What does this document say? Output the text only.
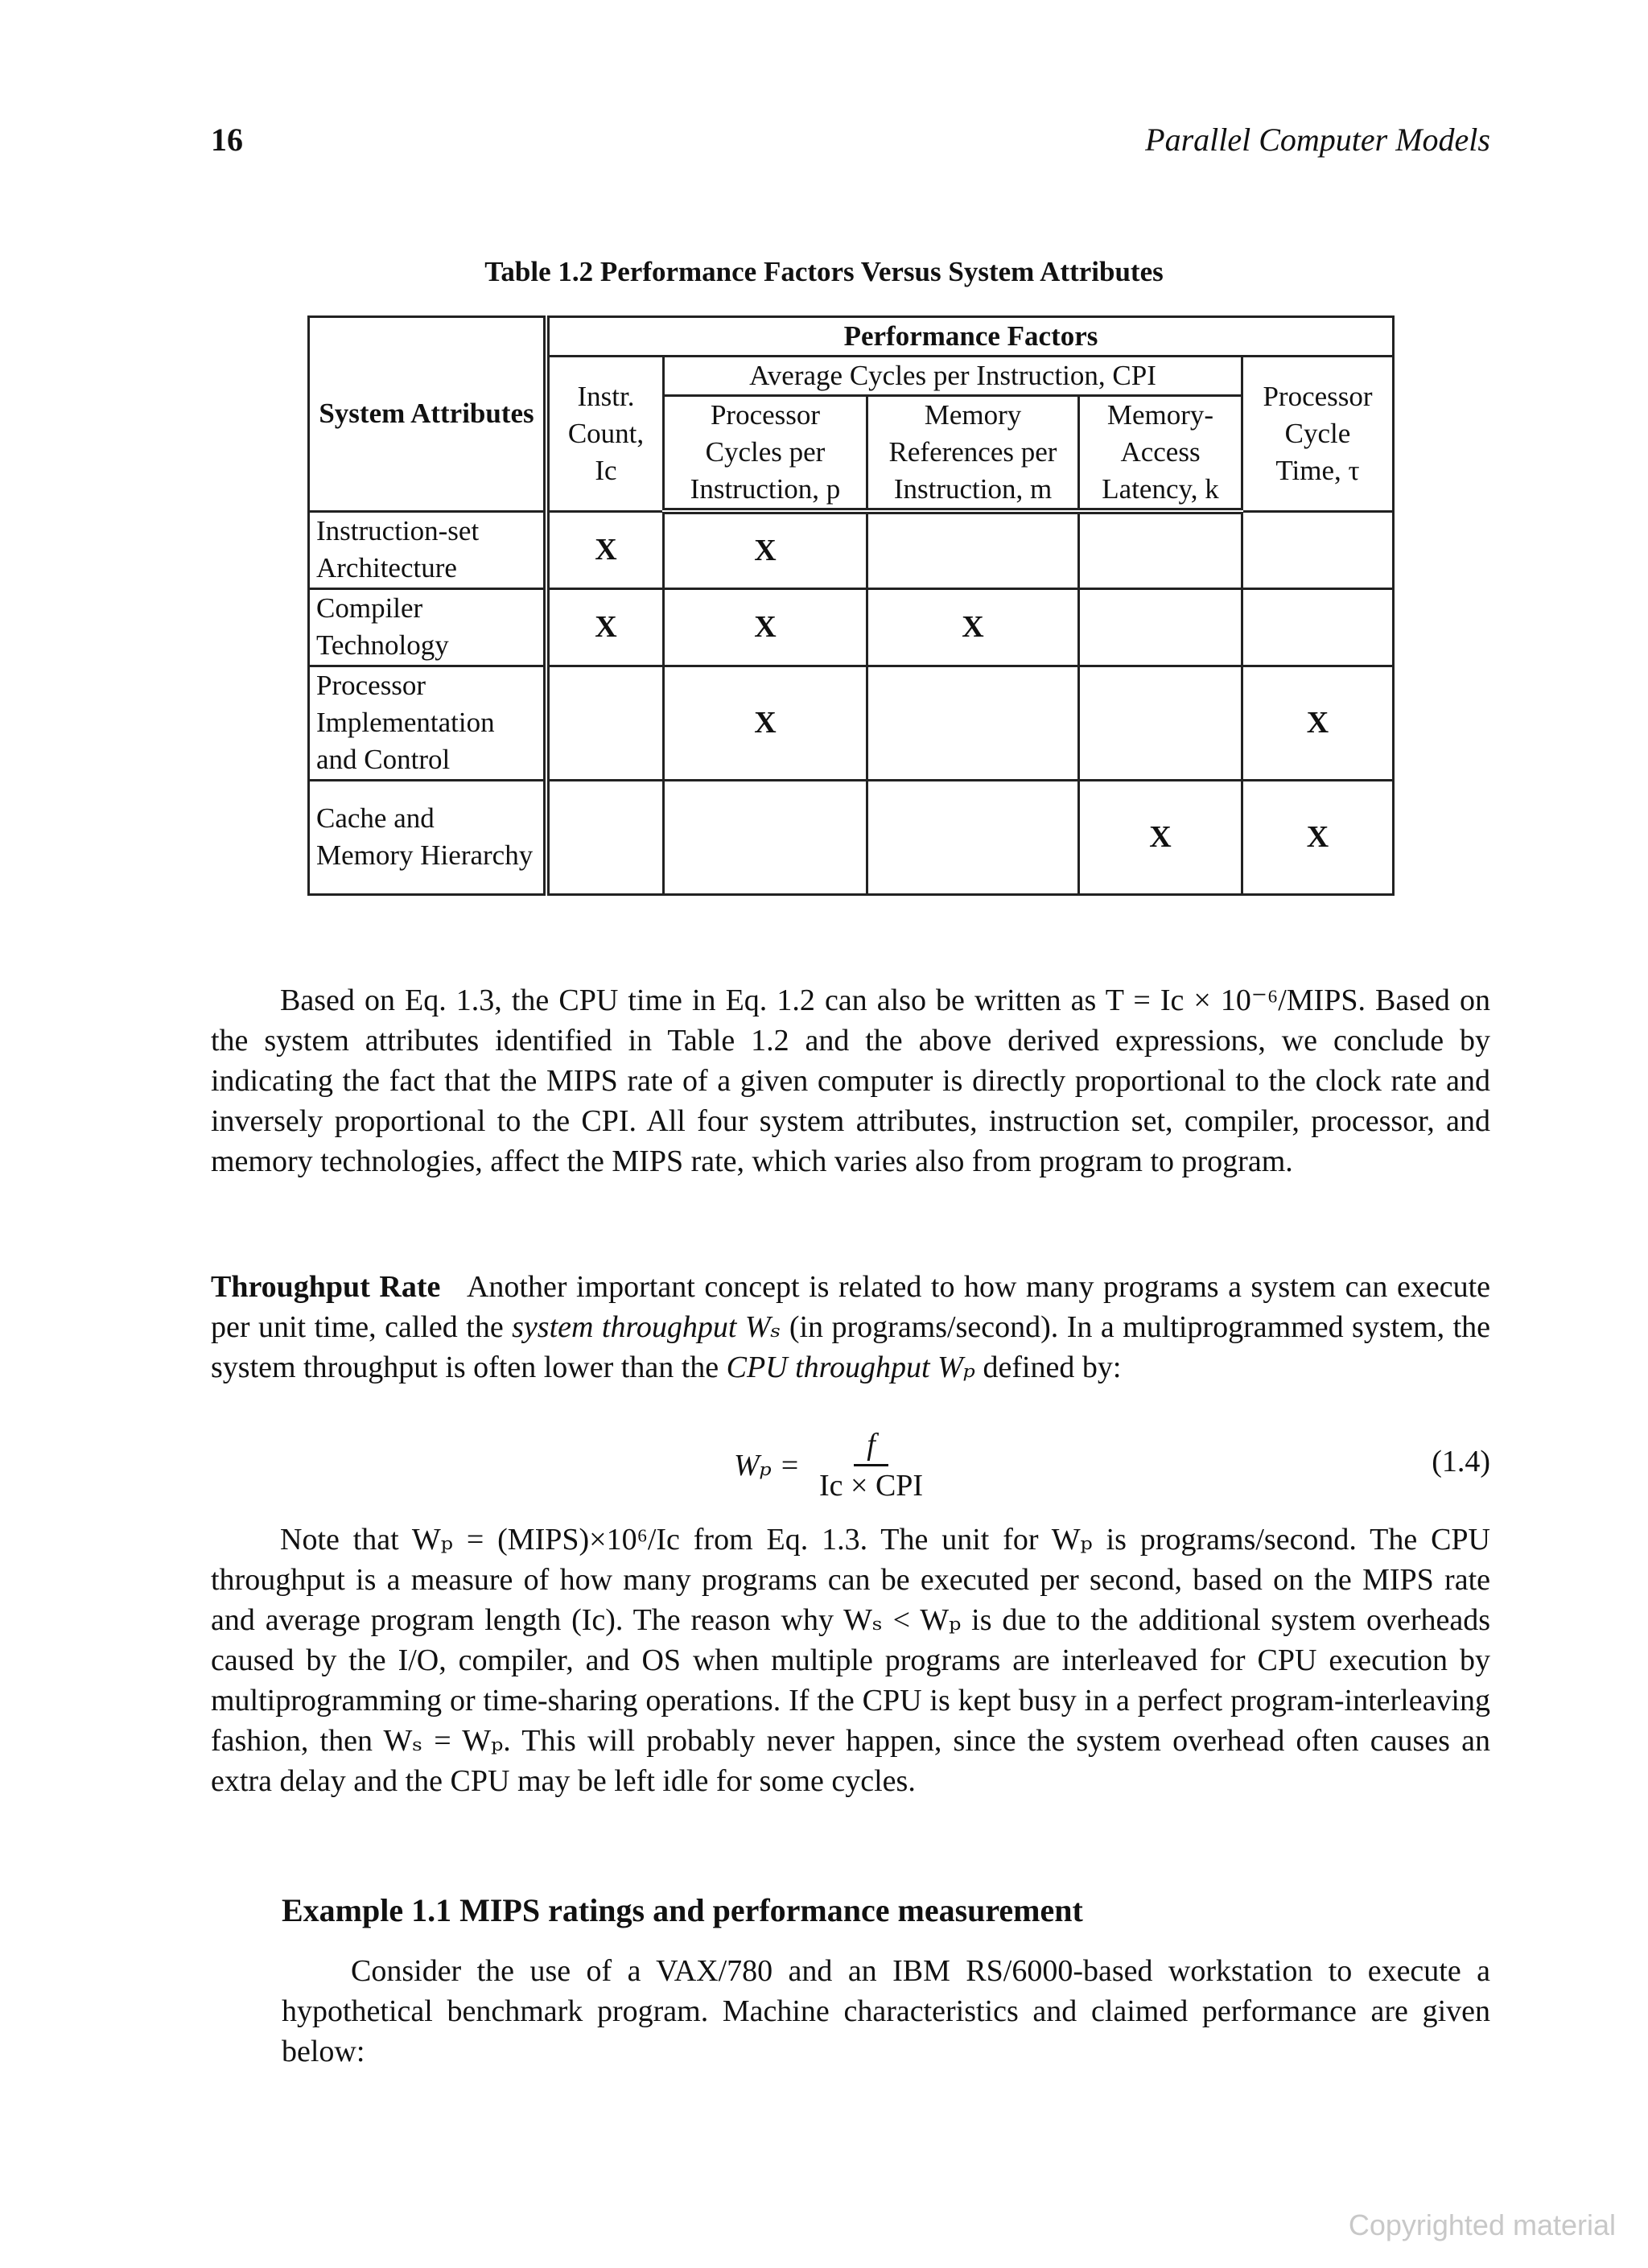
16	Parallel Computer Models
Table 1.2 Performance Factors Versus System Attributes
System Attributes	Performance Factors				
	Instr. Count, Ic	Average Cycles per Instruction, CPI			Processor Cycle Time, τ
		Processor Cycles per Instruction, p	Memory References per Instruction, m	Memory-Access Latency, k	
Instruction-set Architecture	X	X			
Compiler Technology	X	X	X		
Processor Implementation and Control		X			X
Cache and Memory Hierarchy				X	X

Based on Eq. 1.3, the CPU time in Eq. 1.2 can also be written as T = Ic × 10⁻⁶/MIPS. Based on the system attributes identified in Table 1.2 and the above derived expressions, we conclude by indicating the fact that the MIPS rate of a given computer is directly proportional to the clock rate and inversely proportional to the CPI. All four system attributes, instruction set, compiler, processor, and memory technologies, affect the MIPS rate, which varies also from program to program.

Throughput Rate Another important concept is related to how many programs a system can execute per unit time, called the system throughput Wₛ (in programs/second). In a multiprogrammed system, the system throughput is often lower than the CPU throughput Wₚ defined by:

$W_p = \frac{f}{\text{Ic × CPI}}$	(1.4)

Note that Wₚ = (MIPS)×10⁶/Ic from Eq. 1.3. The unit for Wₚ is programs/second. The CPU throughput is a measure of how many programs can be executed per second, based on the MIPS rate and average program length (Ic). The reason why Wₛ < Wₚ is due to the additional system overheads caused by the I/O, compiler, and OS when multiple programs are interleaved for CPU execution by multiprogramming or time-sharing operations. If the CPU is kept busy in a perfect program-interleaving fashion, then Wₛ = Wₚ. This will probably never happen, since the system overhead often causes an extra delay and the CPU may be left idle for some cycles.

Example 1.1 MIPS ratings and performance measurement

Consider the use of a VAX/780 and an IBM RS/6000-based workstation to execute a hypothetical benchmark program. Machine characteristics and claimed performance are given below:

Copyrighted material
